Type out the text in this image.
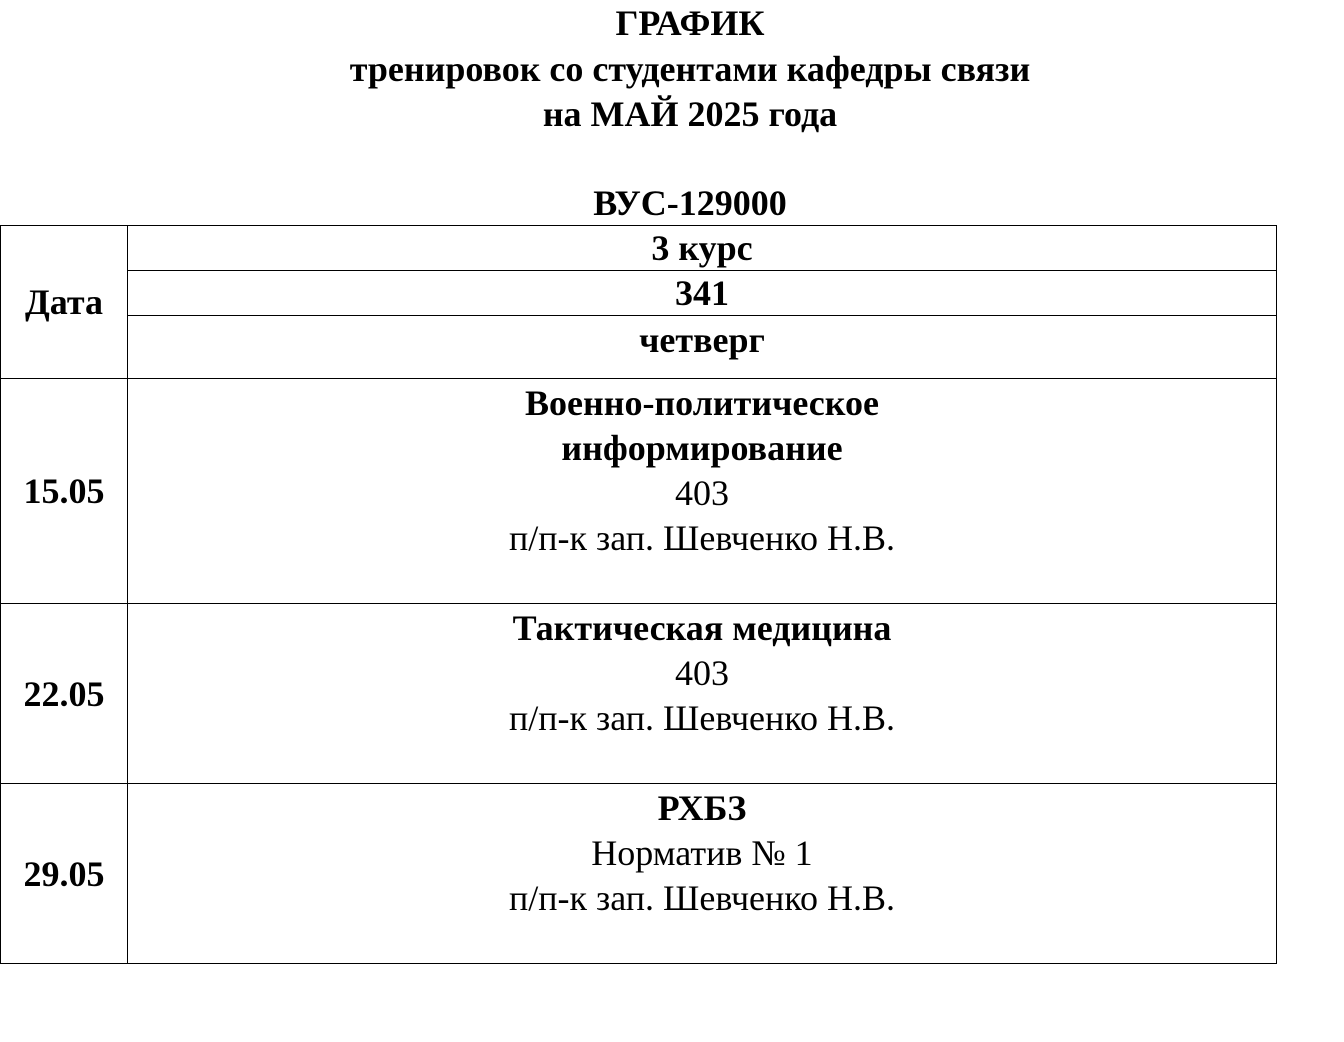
ГРАФИК
тренировок со студентами кафедры связи
на МАЙ 2025 года
ВУС-129000
Дата	3 курс
	341
	четверг
15.05	Военно-политическое
информирование
403
п/п-к зап. Шевченко Н.В.

22.05	Тактическая медицина
403
п/п-к зап. Шевченко Н.В.

29.05	РХБЗ
Норматив № 1
п/п-к зап. Шевченко Н.В.
